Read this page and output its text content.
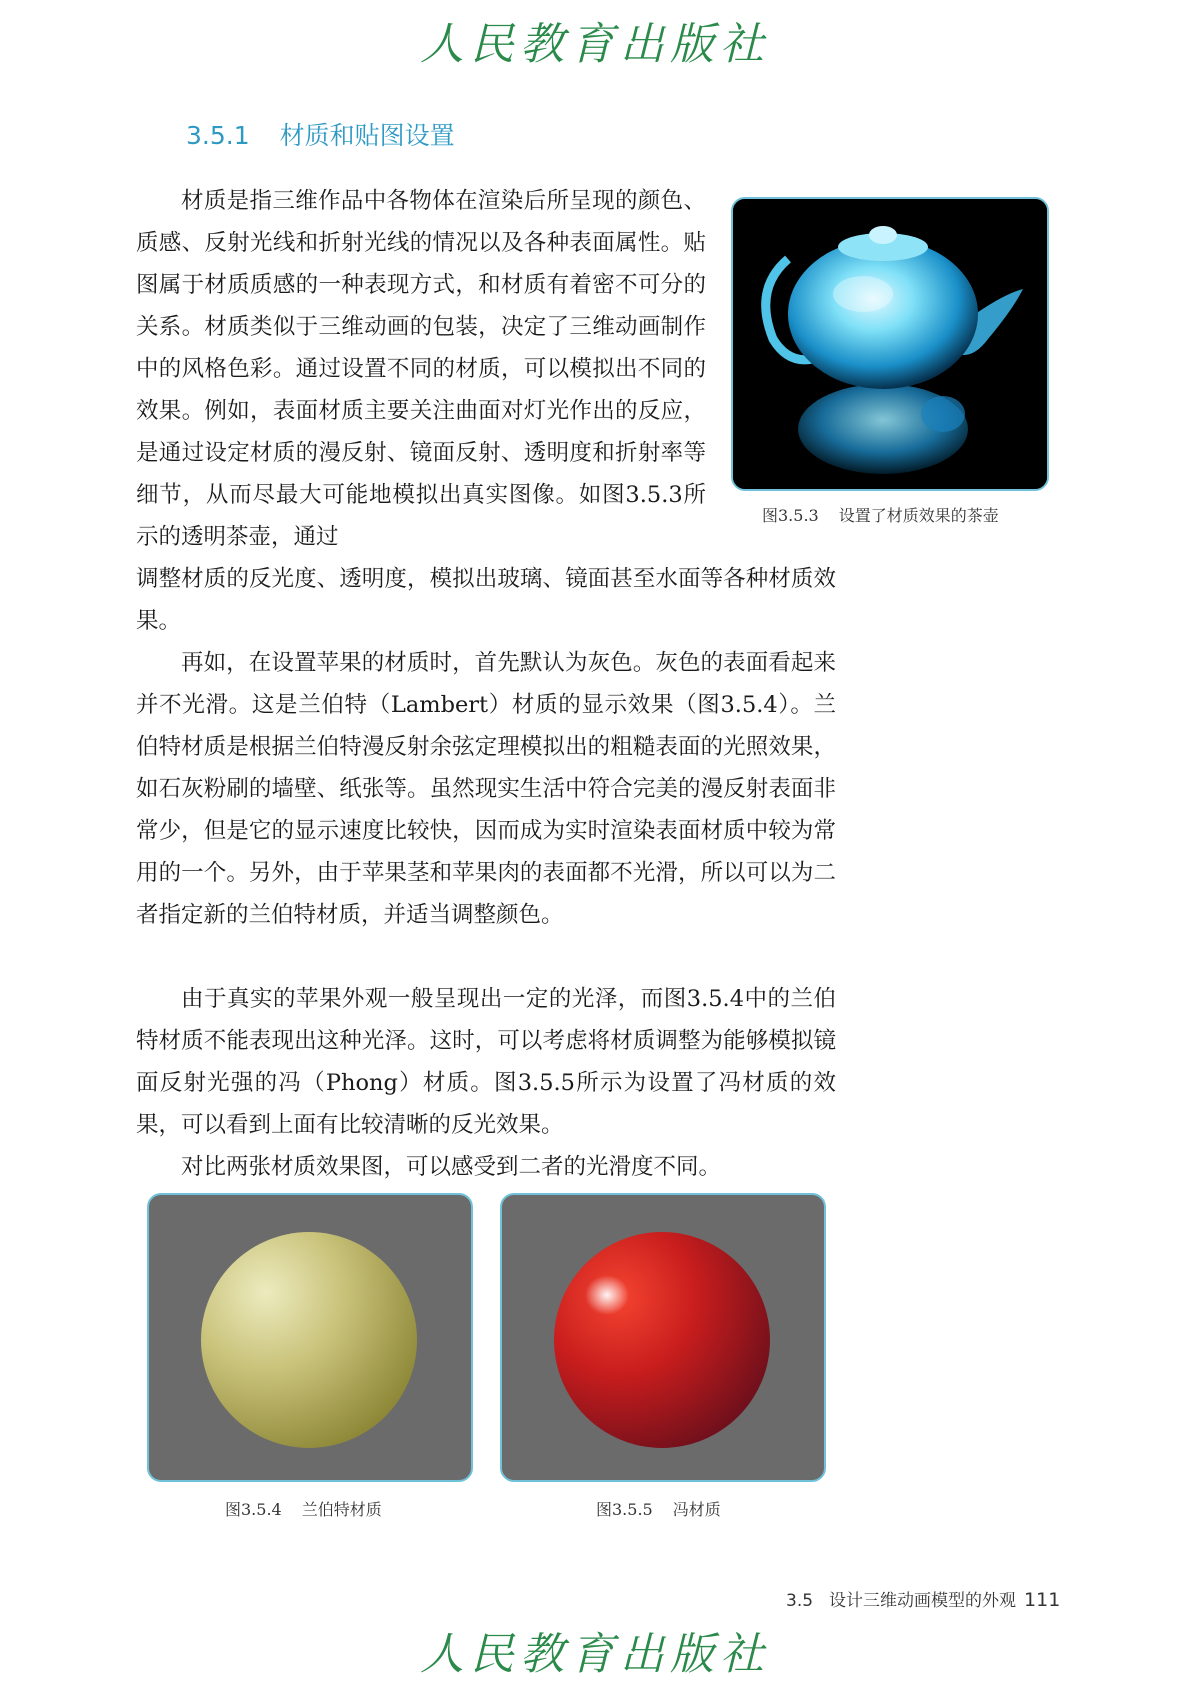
人民教育出版社
3.5.1 材质和贴图设置

材质是指三维作品中各物体在渲染后所呈现的颜色、质感、反射光线和折射光线的情况以及各种表面属性。贴图属于材质质感的一种表现方式，和材质有着密不可分的关系。材质类似于三维动画的包装，决定了三维动画制作中的风格色彩。通过设置不同的材质，可以模拟出不同的效果。例如，表面材质主要关注曲面对灯光作出的反应，是通过设定材质的漫反射、镜面反射、透明度和折射率等细节，从而尽最大可能地模拟出真实图像。如图3.5.3所示的透明茶壶，通过

调整材质的反光度、透明度，模拟出玻璃、镜面甚至水面等各种材质效果。

再如，在设置苹果的材质时，首先默认为灰色。灰色的表面看起来并不光滑。这是兰伯特（Lambert）材质的显示效果（图3.5.4）。兰伯特材质是根据兰伯特漫反射余弦定理模拟出的粗糙表面的光照效果，如石灰粉刷的墙壁、纸张等。虽然现实生活中符合完美的漫反射表面非常少，但是它的显示速度比较快，因而成为实时渲染表面材质中较为常用的一个。另外，由于苹果茎和苹果肉的表面都不光滑，所以可以为二者指定新的兰伯特材质，并适当调整颜色。

由于真实的苹果外观一般呈现出一定的光泽，而图3.5.4中的兰伯特材质不能表现出这种光泽。这时，可以考虑将材质调整为能够模拟镜面反射光强的冯（Phong）材质。图3.5.5所示为设置了冯材质的效果，可以看到上面有比较清晰的反光效果。

对比两张材质效果图，可以感受到二者的光滑度不同。

图3.5.3 设置了材质效果的茶壶
图3.5.4 兰伯特材质	图3.5.5 冯材质
3.5 设计三维动画模型的外观 111
人民教育出版社
